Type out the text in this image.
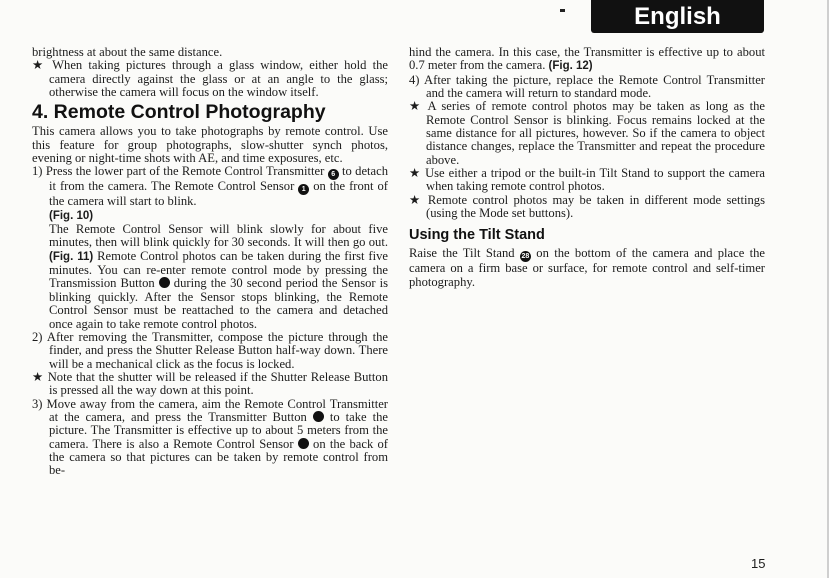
English

brightness at about the same distance.

★ When taking pictures through a glass window, either hold the camera directly against the glass or at an angle to the glass; otherwise the camera will focus on the window itself.

4. Remote Control Photography

This camera allows you to take photographs by remote control. Use this feature for group photographs, slow-shutter synch photos, evening or night-time shots with AE, and time exposures, etc.

1) Press the lower part of the Remote Control Transmitter 6 to detach it from the camera. The Remote Control Sensor 1 on the front of the camera will start to blink.
(Fig. 10)
The Remote Control Sensor will blink slowly for about five minutes, then will blink quickly for 30 seconds. It will then go out. (Fig. 11) Remote Control photos can be taken during the first five minutes. You can re-enter remote control mode by pressing the Transmission Button during the 30 second period the Sensor is blinking quickly. After the Sensor stops blinking, the Remote Control Sensor must be reattached to the camera and detached once again to take remote control photos.
2) After removing the Transmitter, compose the picture through the finder, and press the Shutter Release Button half-way down. There will be a mechanical click as the focus is locked.

★ Note that the shutter will be released if the Shutter Release Button is pressed all the way down at this point.

3) Move away from the camera, aim the Remote Control Transmitter at the camera, and press the Transmitter Button to take the picture. The Transmitter is effective up to about 5 meters from the camera. There is also a Remote Control Sensor on the back of the camera so that pictures can be taken by remote control from be-

hind the camera. In this case, the Transmitter is effective up to about 0.7 meter from the camera. (Fig. 12)

4) After taking the picture, replace the Remote Control Transmitter and the camera will return to standard mode.

★ A series of remote control photos may be taken as long as the Remote Control Sensor is blinking. Focus remains locked at the same distance for all pictures, however. So if the camera to object distance changes, replace the Transmitter and repeat the procedure above.

★ Use either a tripod or the built-in Tilt Stand to support the camera when taking remote control photos.

★ Remote control photos may be taken in different mode settings (using the Mode set buttons).

Using the Tilt Stand

Raise the Tilt Stand 28 on the bottom of the camera and place the camera on a firm base or surface, for remote control and self-timer photography.

15
